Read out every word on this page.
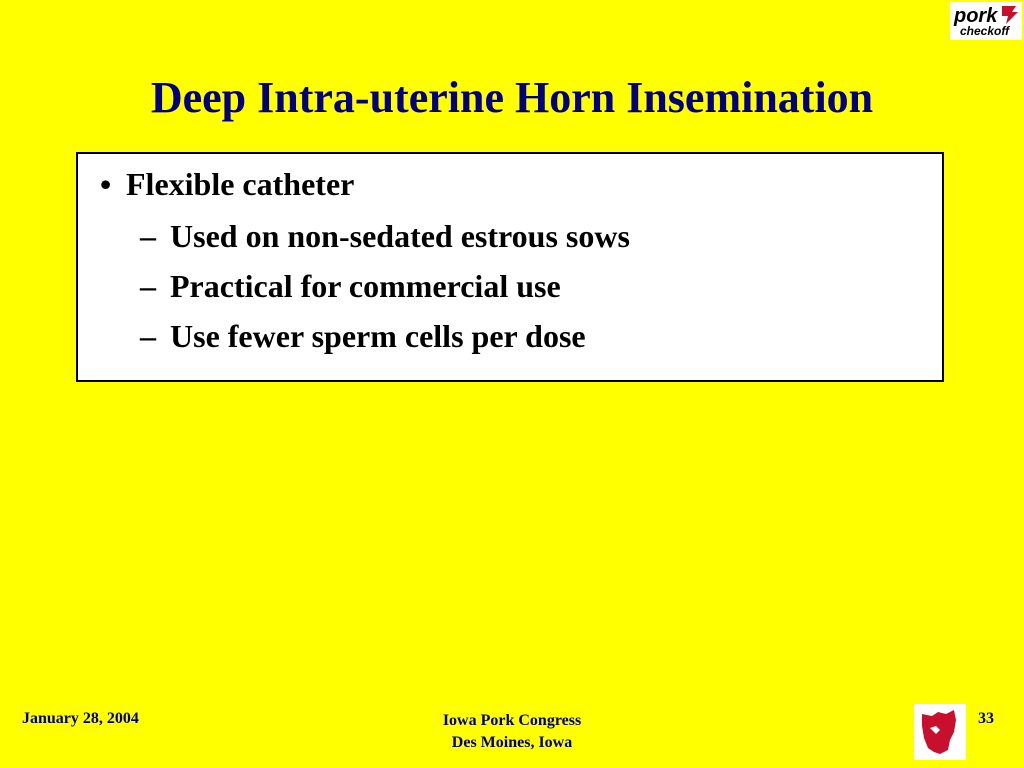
pork
checkoff
Deep Intra-uterine Horn Insemination
• Flexible catheter
– Used on non-sedated estrous sows
– Practical for commercial use
– Use fewer sperm cells per dose
January 28, 2004	Iowa Pork Congress
Des Moines, Iowa
33
